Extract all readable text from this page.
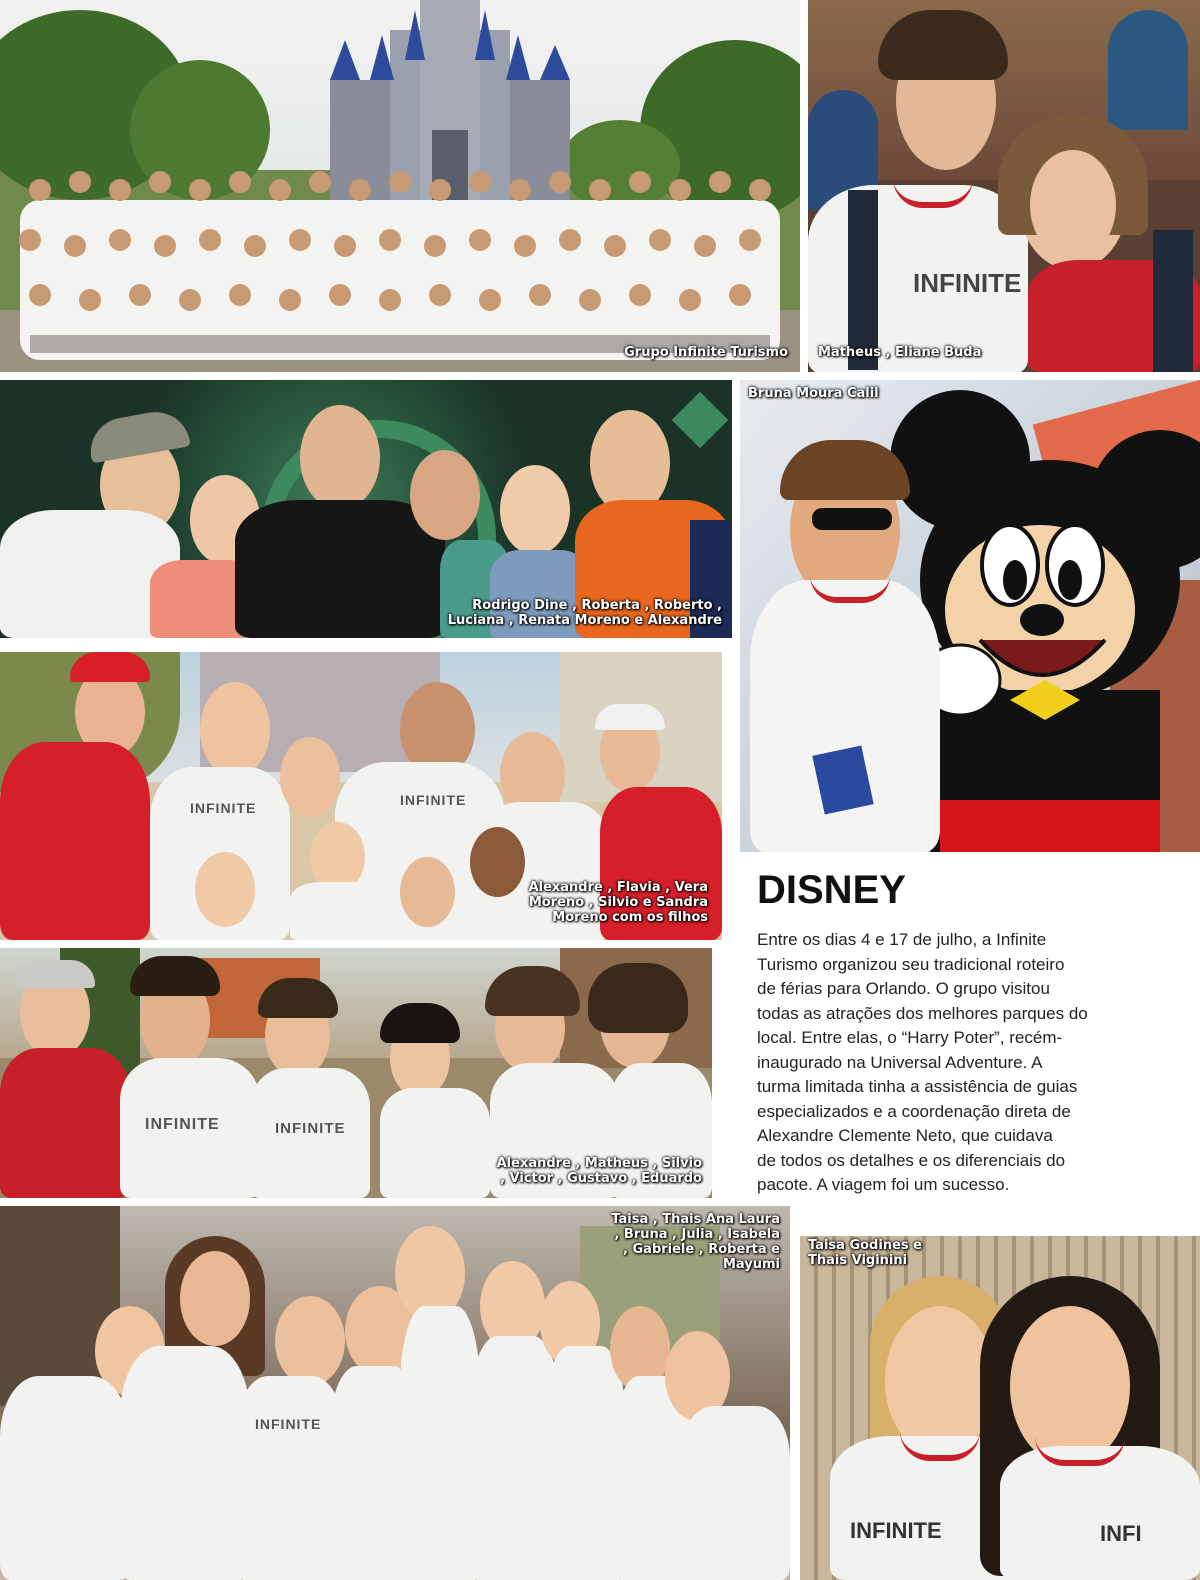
Grupo Infinite Turismo
INFINITE
Matheus , Eliane Buda
Rodrigo Dine , Roberta , Roberto ,
Luciana , Renata Moreno e Alexandre
Bruna Moura Calil
INFINITE	INFINITE
Alexandre , Flavia , Vera
Moreno , Silvio e Sandra
Moreno com os filhos
INFINITE	INFINITE
Alexandre , Matheus , Silvio
, Victor , Gustavo , Eduardo
DISNEY
Entre os dias 4 e 17 de julho, a Infinite
Turismo organizou seu tradicional roteiro
de férias para Orlando. O grupo visitou
todas as atrações dos melhores parques do
local. Entre elas, o “Harry Poter”, recém-
inaugurado na Universal Adventure. A
turma limitada tinha a assistência de guias
especializados e a coordenação direta de
Alexandre Clemente Neto, que cuidava
de todos os detalhes e os diferenciais do
pacote. A viagem foi um sucesso.
INFINITE
Taisa , Thais Ana Laura
, Bruna , Julia , Isabela
, Gabriele , Roberta e
Mayumi
INFINITE	INFI
Taisa Godines e
Thais Viginini
